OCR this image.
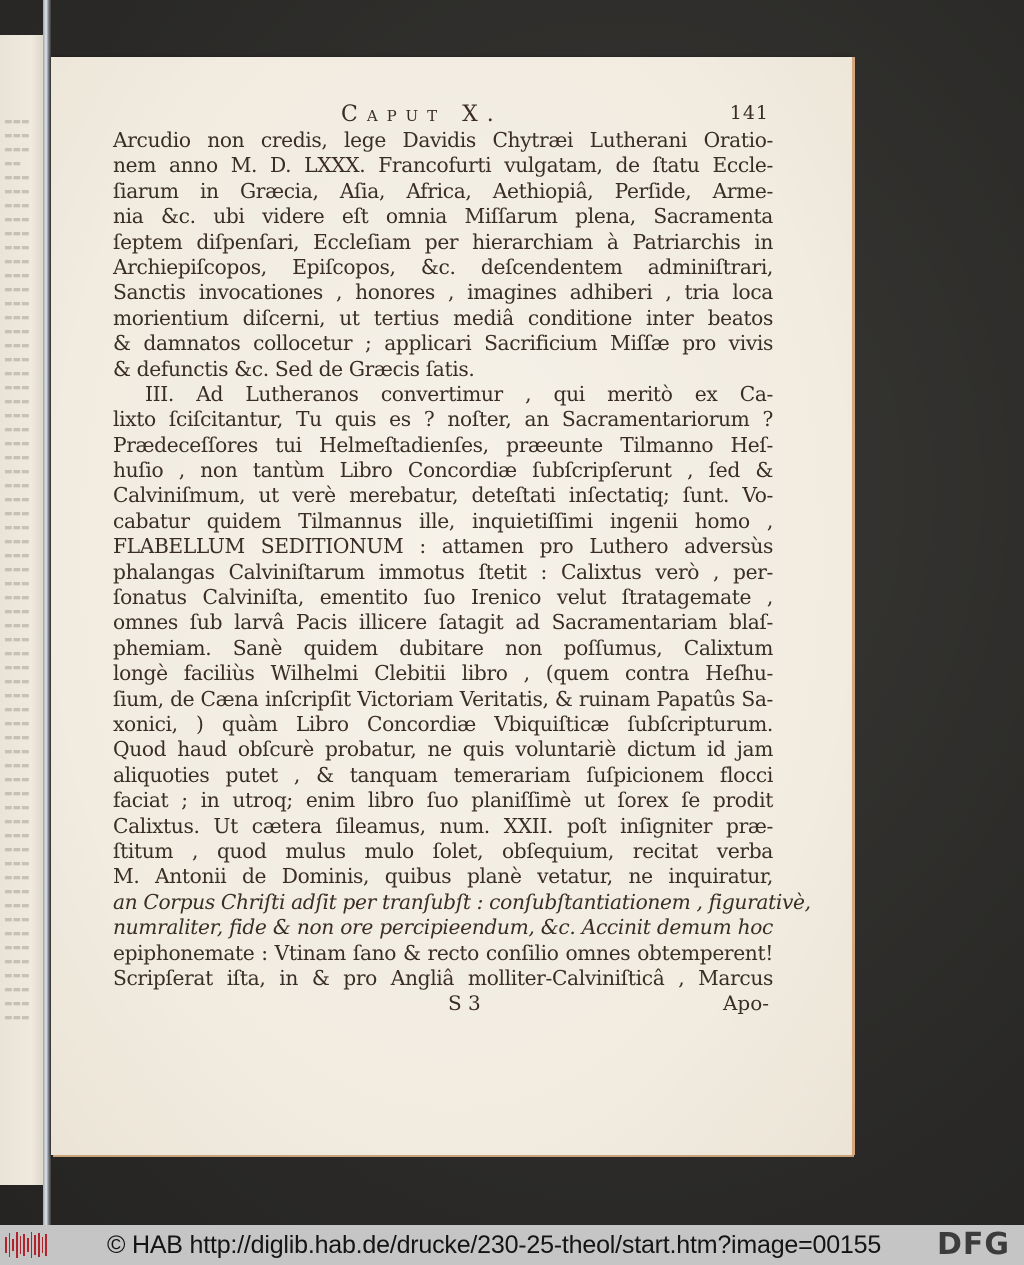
▬▬▬
▬▬▬
▬▬▬
▬▬
▬▬▬
▬▬▬
▬▬▬
▬▬▬
▬▬▬
▬▬▬
▬▬▬
▬▬▬
▬▬▬
▬▬▬
▬▬▬
▬▬▬
▬▬▬
▬▬▬
▬▬▬
▬▬▬
▬▬▬
▬▬▬
▬▬▬
▬▬▬
▬▬▬
▬▬▬
▬▬▬
▬▬▬
▬▬▬
▬▬▬
▬▬▬
▬▬▬
▬▬▬
▬▬▬
▬▬▬
▬▬▬
▬▬▬
▬▬▬
▬▬▬
▬▬▬
▬▬▬
▬▬▬
▬▬▬
▬▬▬
▬▬▬
▬▬▬
▬▬▬
▬▬▬
▬▬▬
▬▬▬
▬▬▬
▬▬▬
▬▬▬
▬▬▬
▬▬▬
▬▬▬
▬▬▬
▬▬▬
▬▬▬
▬▬▬
▬▬▬
▬▬▬
▬▬▬
▬▬▬
▬▬▬
Caput X.	141
Arcudio non credis, lege Davidis Chytræi Lutherani Oratio-
nem anno M. D. LXXX. Francofurti vulgatam, de ſtatu Eccle-
ſiarum in Græcia, Aſia, Africa, Aethiopiâ, Perſide, Arme-
nia &c. ubi videre eſt omnia Miſſarum plena, Sacramenta
ſeptem diſpenſari, Eccleſiam per hierarchiam à Patriarchis in
Archiepiſcopos, Epiſcopos, &c. deſcendentem adminiſtrari,
Sanctis invocationes , honores , imagines adhiberi , tria loca
morientium diſcerni, ut tertius mediâ conditione inter beatos
& damnatos collocetur ; applicari Sacrificium Miſſæ pro vivis
& defunctis &c. Sed de Græcis ſatis.
III. Ad Lutheranos convertimur , qui meritò ex Ca-
lixto ſciſcitantur, Tu quis es ? noſter, an Sacramentariorum ?
Prædeceſſores tui Helmeſtadienſes, præeunte Tilmanno Heſ-
huſio , non tantùm Libro Concordiæ ſubſcripſerunt , ſed &
Calviniſmum, ut verè merebatur, deteſtati inſectatiq; ſunt. Vo-
cabatur quidem Tilmannus ille, inquietiſſimi ingenii homo ,
FLABELLUM SEDITIONUM : attamen pro Luthero adversùs
phalangas Calviniſtarum immotus ſtetit : Calixtus verò , per-
ſonatus Calviniſta, ementito ſuo Irenico velut ſtratagemate ,
omnes ſub larvâ Pacis illicere ſatagit ad Sacramentariam blaſ-
phemiam. Sanè quidem dubitare non poſſumus, Calixtum
longè faciliùs Wilhelmi Clebitii libro , (quem contra Heſhu-
ſium, de Cæna inſcripſit Victoriam Veritatis, & ruinam Papatûs Sa-
xonici, ) quàm Libro Concordiæ Vbiquiſticæ ſubſcripturum.
Quod haud obſcurè probatur, ne quis voluntariè dictum id jam
aliquoties putet , & tanquam temerariam ſuſpicionem flocci
faciat ; in utroq; enim libro ſuo planiſſimè ut ſorex ſe prodit
Calixtus. Ut cætera ſileamus, num. XXII. poſt inſigniter præ-
ſtitum , quod mulus mulo ſolet, obſequium, recitat verba
M. Antonii de Dominis, quibus planè vetatur, ne inquiratur,
an Corpus Chriſti adſit per tranſubſt : conſubſtantiationem , figurativè,
numraliter, fide & non ore percipieendum, &c. Accinit demum hoc
epiphonemate : Vtinam ſano & recto conſilio omnes obtemperent!
Scripſerat iſta, in & pro Angliâ molliter-Calviniſticâ , Marcus
S 3	Apo-
© HAB http://diglib.hab.de/drucke/230-25-theol/start.htm?image=00155 DFG
